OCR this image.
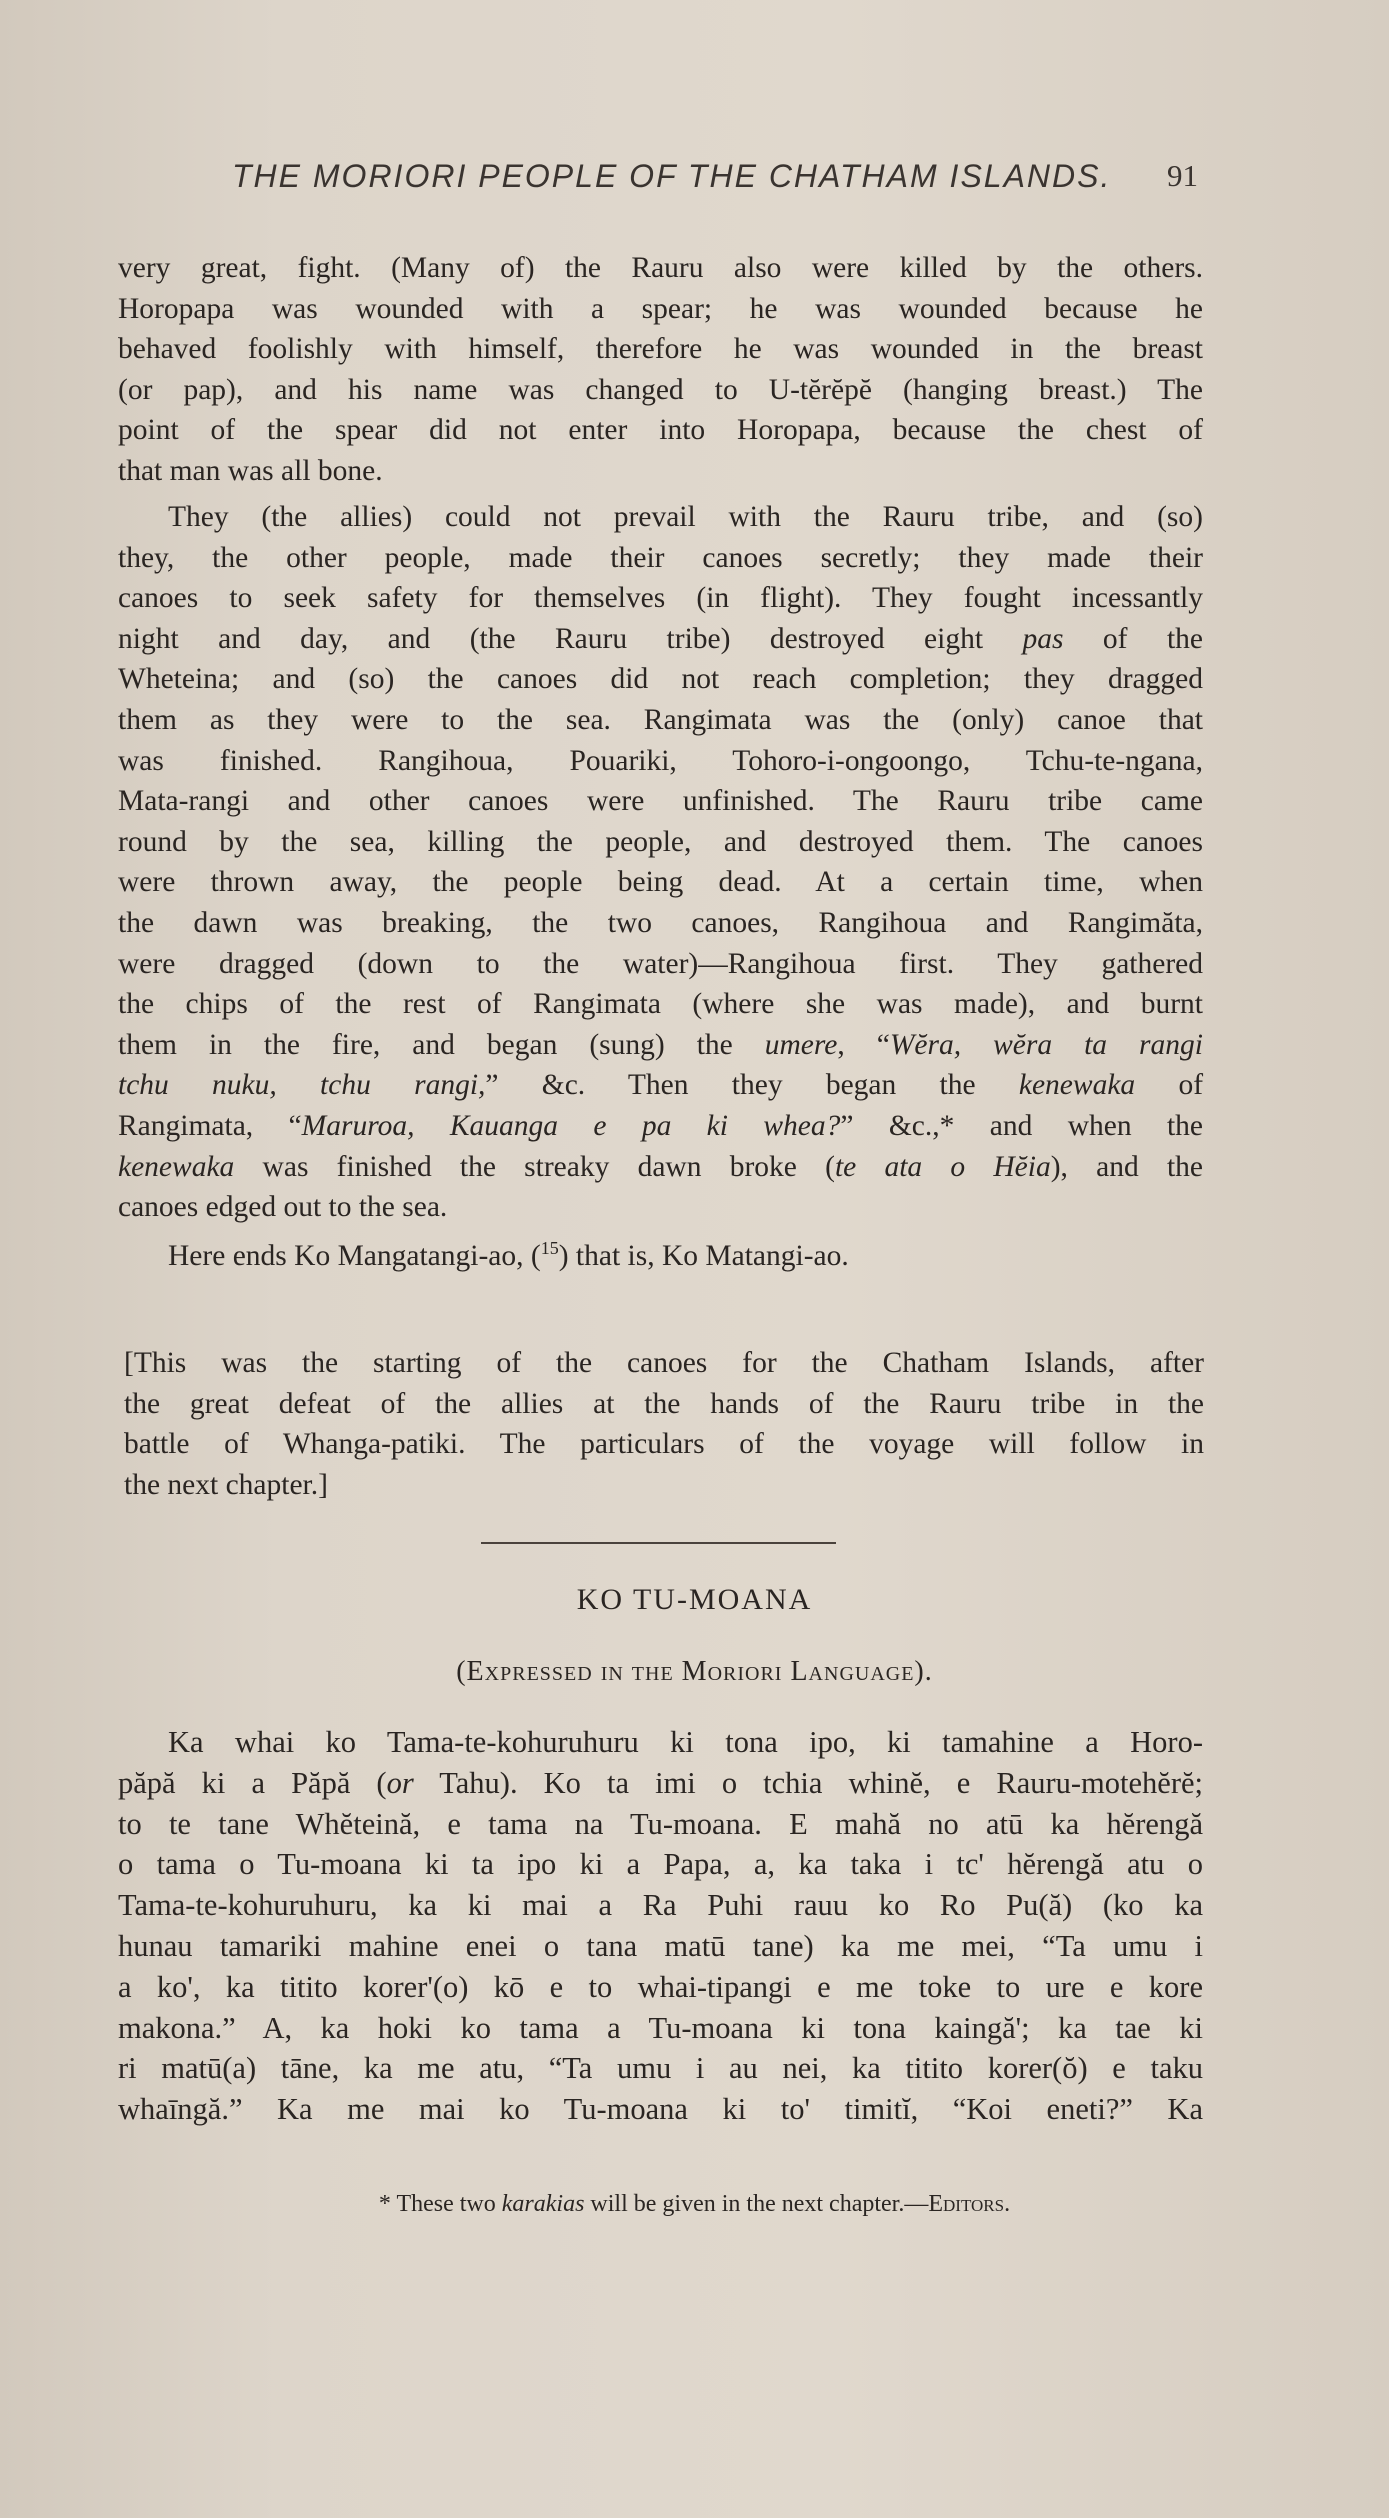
THE MORIORI PEOPLE OF THE CHATHAM ISLANDS. 91
very great, fight. (Many of) the Rauru also were killed by the others.
Horopapa was wounded with a spear; he was wounded because he
behaved foolishly with himself, therefore he was wounded in the breast
(or pap), and his name was changed to U-tĕrĕpĕ (hanging breast.) The
point of the spear did not enter into Horopapa, because the chest of
that man was all bone.
They (the allies) could not prevail with the Rauru tribe, and (so)
they, the other people, made their canoes secretly; they made their
canoes to seek safety for themselves (in flight). They fought incessantly
night and day, and (the Rauru tribe) destroyed eight pas of the
Wheteina; and (so) the canoes did not reach completion; they dragged
them as they were to the sea. Rangimata was the (only) canoe that
was finished. Rangihoua, Pouariki, Tohoro-i-ongoongo, Tchu-te-ngana,
Mata-rangi and other canoes were unfinished. The Rauru tribe came
round by the sea, killing the people, and destroyed them. The canoes
were thrown away, the people being dead. At a certain time, when
the dawn was breaking, the two canoes, Rangihoua and Rangimăta,
were dragged (down to the water)—Rangihoua first. They gathered
the chips of the rest of Rangimata (where she was made), and burnt
them in the fire, and began (sung) the umere, “Wĕra, wĕra ta rangi
tchu nuku, tchu rangi,” &c. Then they began the kenewaka of
Rangimata, “Maruroa, Kauanga e pa ki whea?” &c.,* and when the
kenewaka was finished the streaky dawn broke (te ata o Hĕia), and the
canoes edged out to the sea.
Here ends Ko Mangatangi-ao, ($^{15}$) that is, Ko Matangi-ao.
[This was the starting of the canoes for the Chatham Islands, after
the great defeat of the allies at the hands of the Rauru tribe in the
battle of Whanga-patiki. The particulars of the voyage will follow in
the next chapter.]
KO TU-MOANA
(Expressed in the Moriori Language).
Ka whai ko Tama-te-kohuruhuru ki tona ipo, ki tamahine a Horo-
păpă ki a Păpă (or Tahu). Ko ta imi o tchia whinĕ, e Rauru-motehĕrĕ;
to te tane Whĕteină, e tama na Tu-moana. E mahă no atū ka hĕrengă
o tama o Tu-moana ki ta ipo ki a Papa, a, ka taka i tc' hĕrengă atu o
Tama-te-kohuruhuru, ka ki mai a Ra Puhi rauu ko Ro Pu(ă) (ko ka
hunau tamariki mahine enei o tana matū tane) ka me mei, “Ta umu i
a ko', ka titito korer'(o) kō e to whai-tipangi e me toke to ure e kore
makona.” A, ka hoki ko tama a Tu-moana ki tona kaingă'; ka tae ki
ri matū(a) tāne, ka me atu, “Ta umu i au nei, ka titito korer(ŏ) e taku
whaīngă.” Ka me mai ko Tu-moana ki to' timitĭ, “Koi eneti?” Ka
* These two karakias will be given in the next chapter.—Editors.
